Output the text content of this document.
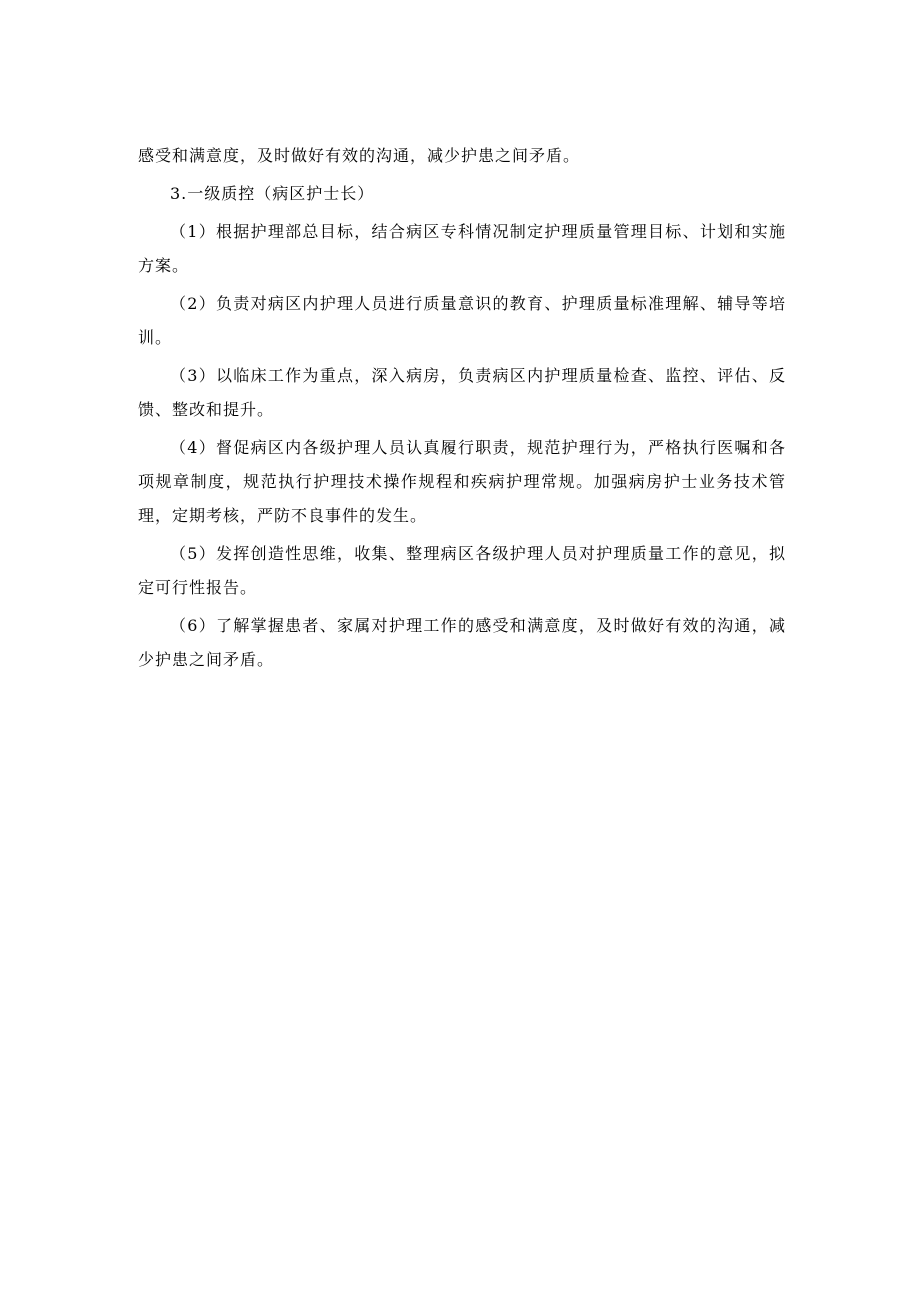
感受和满意度，及时做好有效的沟通，减少护患之间矛盾。

3.一级质控（病区护士长）

（1）根据护理部总目标，结合病区专科情况制定护理质量管理目标、计划和实施方案。

（2）负责对病区内护理人员进行质量意识的教育、护理质量标准理解、辅导等培训。

（3）以临床工作为重点，深入病房，负责病区内护理质量检查、监控、评估、反馈、整改和提升。

（4）督促病区内各级护理人员认真履行职责，规范护理行为，严格执行医嘱和各项规章制度，规范执行护理技术操作规程和疾病护理常规。加强病房护士业务技术管理，定期考核，严防不良事件的发生。

（5）发挥创造性思维，收集、整理病区各级护理人员对护理质量工作的意见，拟定可行性报告。

（6）了解掌握患者、家属对护理工作的感受和满意度，及时做好有效的沟通，减少护患之间矛盾。
